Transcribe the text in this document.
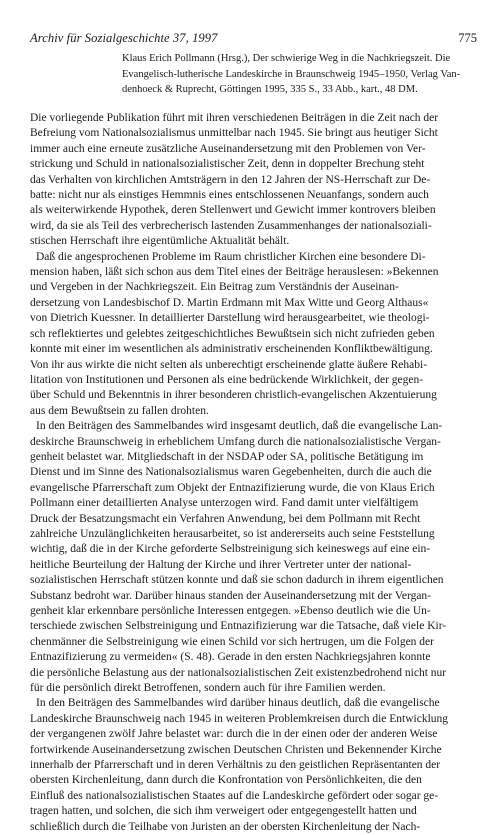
Archiv für Sozialgeschichte 37, 1997	775
Klaus Erich Pollmann (Hrsg.), Der schwierige Weg in die Nachkriegszeit. Die
Evangelisch-lutherische Landeskirche in Braunschweig 1945–1950, Verlag Van-
denhoeck & Ruprecht, Göttingen 1995, 335 S., 33 Abb., kart., 48 DM.
Die vorliegende Publikation führt mit ihren verschiedenen Beiträgen in die Zeit nach der
Befreiung vom Nationalsozialismus unmittelbar nach 1945. Sie bringt aus heutiger Sicht
immer auch eine erneute zusätzliche Auseinandersetzung mit den Problemen von Ver-
strickung und Schuld in nationalsozialistischer Zeit, denn in doppelter Brechung steht
das Verhalten von kirchlichen Amtsträgern in den 12 Jahren der NS-Herrschaft zur De-
batte: nicht nur als einstiges Hemmnis eines entschlossenen Neuanfangs, sondern auch
als weiterwirkende Hypothek, deren Stellenwert und Gewicht immer kontrovers bleiben
wird, da sie als Teil des verbrecherisch lastenden Zusammenhanges der nationalsoziali-
stischen Herrschaft ihre eigentümliche Aktualität behält.
Daß die angesprochenen Probleme im Raum christlicher Kirchen eine besondere Di-
mension haben, läßt sich schon aus dem Titel eines der Beiträge herauslesen: »Bekennen
und Vergeben in der Nachkriegszeit. Ein Beitrag zum Verständnis der Auseinan-
dersetzung von Landesbischof D. Martin Erdmann mit Max Witte und Georg Althaus«
von Dietrich Kuessner. In detaillierter Darstellung wird herausgearbeitet, wie theologi-
sch reflektiertes und gelebtes zeitgeschichtliches Bewußtsein sich nicht zufrieden geben
konnte mit einer im wesentlichen als administrativ erscheinenden Konfliktbewältigung.
Von ihr aus wirkte die nicht selten als unberechtigt erscheinende glatte äußere Rehabi-
litation von Institutionen und Personen als eine bedrückende Wirklichkeit, der gegen-
über Schuld und Bekenntnis in ihrer besonderen christlich-evangelischen Akzentuierung
aus dem Bewußtsein zu fallen drohten.
In den Beiträgen des Sammelbandes wird insgesamt deutlich, daß die evangelische Lan-
deskirche Braunschweig in erheblichem Umfang durch die nationalsozialistische Vergan-
genheit belastet war. Mitgliedschaft in der NSDAP oder SA, politische Betätigung im
Dienst und im Sinne des Nationalsozialismus waren Gegebenheiten, durch die auch die
evangelische Pfarrerschaft zum Objekt der Entnazifizierung wurde, die von Klaus Erich
Pollmann einer detaillierten Analyse unterzogen wird. Fand damit unter vielfältigem
Druck der Besatzungsmacht ein Verfahren Anwendung, bei dem Pollmann mit Recht
zahlreiche Unzulänglichkeiten herausarbeitet, so ist andererseits auch seine Feststellung
wichtig, daß die in der Kirche geforderte Selbstreinigung sich keineswegs auf eine ein-
heitliche Beurteilung der Haltung der Kirche und ihrer Vertreter unter der national-
sozialistischen Herrschaft stützen konnte und daß sie schon dadurch in ihrem eigentlichen
Substanz bedroht war. Darüber hinaus standen der Auseinandersetzung mit der Vergan-
genheit klar erkennbare persönliche Interessen entgegen. »Ebenso deutlich wie die Un-
terschiede zwischen Selbstreinigung und Entnazifizierung war die Tatsache, daß viele Kir-
chenmänner die Selbstreinigung wie einen Schild vor sich hertrugen, um die Folgen der
Entnazifizierung zu vermeiden« (S. 48). Gerade in den ersten Nachkriegsjahren konnte
die persönliche Belastung aus der nationalsozialistischen Zeit existenzbedrohend nicht nur
für die persönlich direkt Betroffenen, sondern auch für ihre Familien werden.
In den Beiträgen des Sammelbandes wird darüber hinaus deutlich, daß die evangelische
Landeskirche Braunschweig nach 1945 in weiteren Problemkreisen durch die Entwicklung
der vergangenen zwölf Jahre belastet war: durch die in der einen oder der anderen Weise
fortwirkende Auseinandersetzung zwischen Deutschen Christen und Bekennender Kirche
innerhalb der Pfarrerschaft und in deren Verhältnis zu den geistlichen Repräsentanten der
obersten Kirchenleitung, dann durch die Konfrontation von Persönlichkeiten, die den
Einfluß des nationalsozialistischen Staates auf die Landeskirche gefördert oder sogar ge-
tragen hatten, und solchen, die sich ihm verweigert oder entgegengestellt hatten und
schließlich durch die Teilhabe von Juristen an der obersten Kirchenleitung der Nach-
